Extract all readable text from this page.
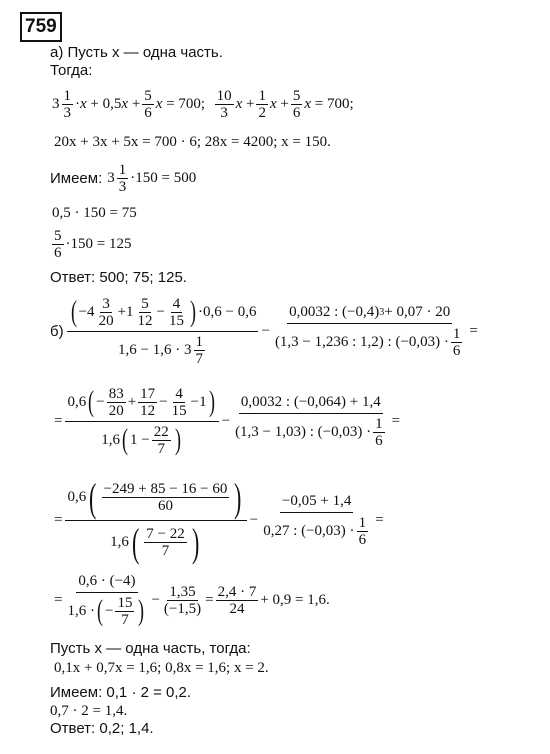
759
а) Пусть x — одна часть.
Тогда:
$3 \frac{1}{3} \cdot x + 0,5x + \frac{5}{6}$ x = 700; $\frac{10}{3}$ $x + \frac{1}{2}$ $x + \frac{5}{6}$ x = 700;
20x + 3x + 5x = 700 · 6; 28x = 4200; x = 150.
Имеем: $3 \frac{1}{3} \cdot 150 = 500$
0,5 · 150 = 75
$\frac{5}{6} \cdot 150 = 125$
Ответ: 500; 75; 125.
б)
( $-4 \frac{3}{20} +1 \frac{5}{12} - \frac{4}{15}$ ) ·0,6 − 0,6
$1,6 - 1,6 \cdot 3 \frac{1}{7}$
− $\frac{0,0032 : (-0,4) 3 + 0,07 \cdot 20}{(1,3 - 1,236 : 1,2) : (-0,03) \cdot \frac{1}{6}}$ =
= $\frac{0,6 ( - \frac{83}{20} + \frac{17}{12} - \frac{4}{15} -1 )}{1,6 ( 1 - \frac{22}{7} )} - \frac{0,0032 : (-0,064) + 1,4}{(1,3 - 1,03) : (-0,03) \cdot \frac{1}{6}}$ =
= $\frac{0,6 ( \frac{-249 + 85 - 16 - 60}{60} )}{1,6 ( \frac{7 - 22}{7} )} - \frac{-0,05 + 1,4}{0,27 : (-0,03) \cdot \frac{1}{6}}$ =
= $\frac{0,6 \cdot (-4)}{1,6 \cdot ( - \frac{15}{7} )} - \frac{1,35}{(-1,5)} = \frac{2,4 \cdot 7}{24} + 0,9 = 1,6$.
Пусть x — одна часть, тогда:
0,1x + 0,7x = 1,6; 0,8x = 1,6; x = 2.
Имеем: 0,1 · 2 = 0,2.
0,7 · 2 = 1,4.
Ответ: 0,2; 1,4.
